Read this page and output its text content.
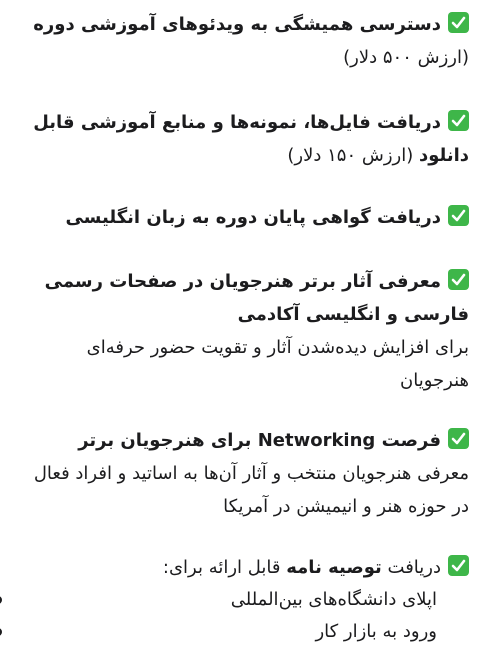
دسترسی همیشگی به ویدئوهای آموزشی دوره (ارزش ۵۰۰ دلار)

دریافت فایل‌ها، نمونه‌ها و منابع آموزشی قابل دانلود (ارزش ۱۵۰ دلار)

دریافت گواهی پایان دوره به زبان انگلیسی

معرفی آثار برتر هنرجویان در صفحات رسمی فارسی و انگلیسی آکادمی
برای افزایش دیده‌شدن آثار و تقویت حضور حرفه‌ای هنرجویان

فرصت Networking برای هنرجویان برتر
معرفی هنرجویان منتخب و آثار آن‌ها به اساتید و افراد فعال در حوزه هنر و انیمیشن در آمریکا

دریافت توصیه نامه قابل ارائه برای:

اپلای دانشگاه‌های بین‌المللی
ورود به بازار کار
